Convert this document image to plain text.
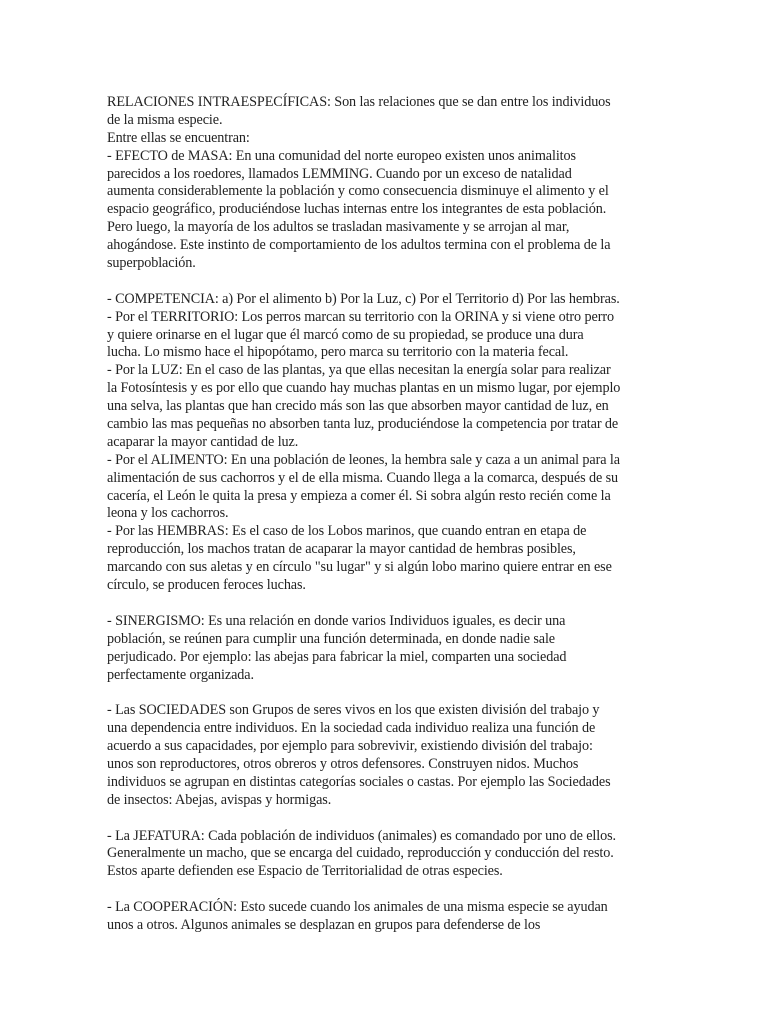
RELACIONES INTRAESPECÍFICAS: Son las relaciones que se dan entre los individuos
de la misma especie.
Entre ellas se encuentran:
- EFECTO de MASA: En una comunidad del norte europeo existen unos animalitos
parecidos a los roedores, llamados LEMMING. Cuando por un exceso de natalidad
aumenta considerablemente la población y como consecuencia disminuye el alimento y el
espacio geográfico, produciéndose luchas internas entre los integrantes de esta población.
Pero luego, la mayoría de los adultos se trasladan masivamente y se arrojan al mar,
ahogándose. Este instinto de comportamiento de los adultos termina con el problema de la
superpoblación.
- COMPETENCIA: a) Por el alimento b) Por la Luz, c) Por el Territorio d) Por las hembras.
- Por el TERRITORIO: Los perros marcan su territorio con la ORINA y si viene otro perro
y quiere orinarse en el lugar que él marcó como de su propiedad, se produce una dura
lucha. Lo mismo hace el hipopótamo, pero marca su territorio con la materia fecal.
- Por la LUZ: En el caso de las plantas, ya que ellas necesitan la energía solar para realizar
la Fotosíntesis y es por ello que cuando hay muchas plantas en un mismo lugar, por ejemplo
una selva, las plantas que han crecido más son las que absorben mayor cantidad de luz, en
cambio las mas pequeñas no absorben tanta luz, produciéndose la competencia por tratar de
acaparar la mayor cantidad de luz.
- Por el ALIMENTO: En una población de leones, la hembra sale y caza a un animal para la
alimentación de sus cachorros y el de ella misma. Cuando llega a la comarca, después de su
cacería, el León le quita la presa y empieza a comer él. Si sobra algún resto recién come la
leona y los cachorros.
- Por las HEMBRAS: Es el caso de los Lobos marinos, que cuando entran en etapa de
reproducción, los machos tratan de acaparar la mayor cantidad de hembras posibles,
marcando con sus aletas y en círculo "su lugar" y si algún lobo marino quiere entrar en ese
círculo, se producen feroces luchas.
- SINERGISMO: Es una relación en donde varios Individuos iguales, es decir una
población, se reúnen para cumplir una función determinada, en donde nadie sale
perjudicado. Por ejemplo: las abejas para fabricar la miel, comparten una sociedad
perfectamente organizada.
- Las SOCIEDADES son Grupos de seres vivos en los que existen división del trabajo y
una dependencia entre individuos. En la sociedad cada individuo realiza una función de
acuerdo a sus capacidades, por ejemplo para sobrevivir, existiendo división del trabajo:
unos son reproductores, otros obreros y otros defensores. Construyen nidos. Muchos
individuos se agrupan en distintas categorías sociales o castas. Por ejemplo las Sociedades
de insectos: Abejas, avispas y hormigas.
- La JEFATURA: Cada población de individuos (animales) es comandado por uno de ellos.
Generalmente un macho, que se encarga del cuidado, reproducción y conducción del resto.
Estos aparte defienden ese Espacio de Territorialidad de otras especies.
- La COOPERACIÓN: Esto sucede cuando los animales de una misma especie se ayudan
unos a otros. Algunos animales se desplazan en grupos para defenderse de los
